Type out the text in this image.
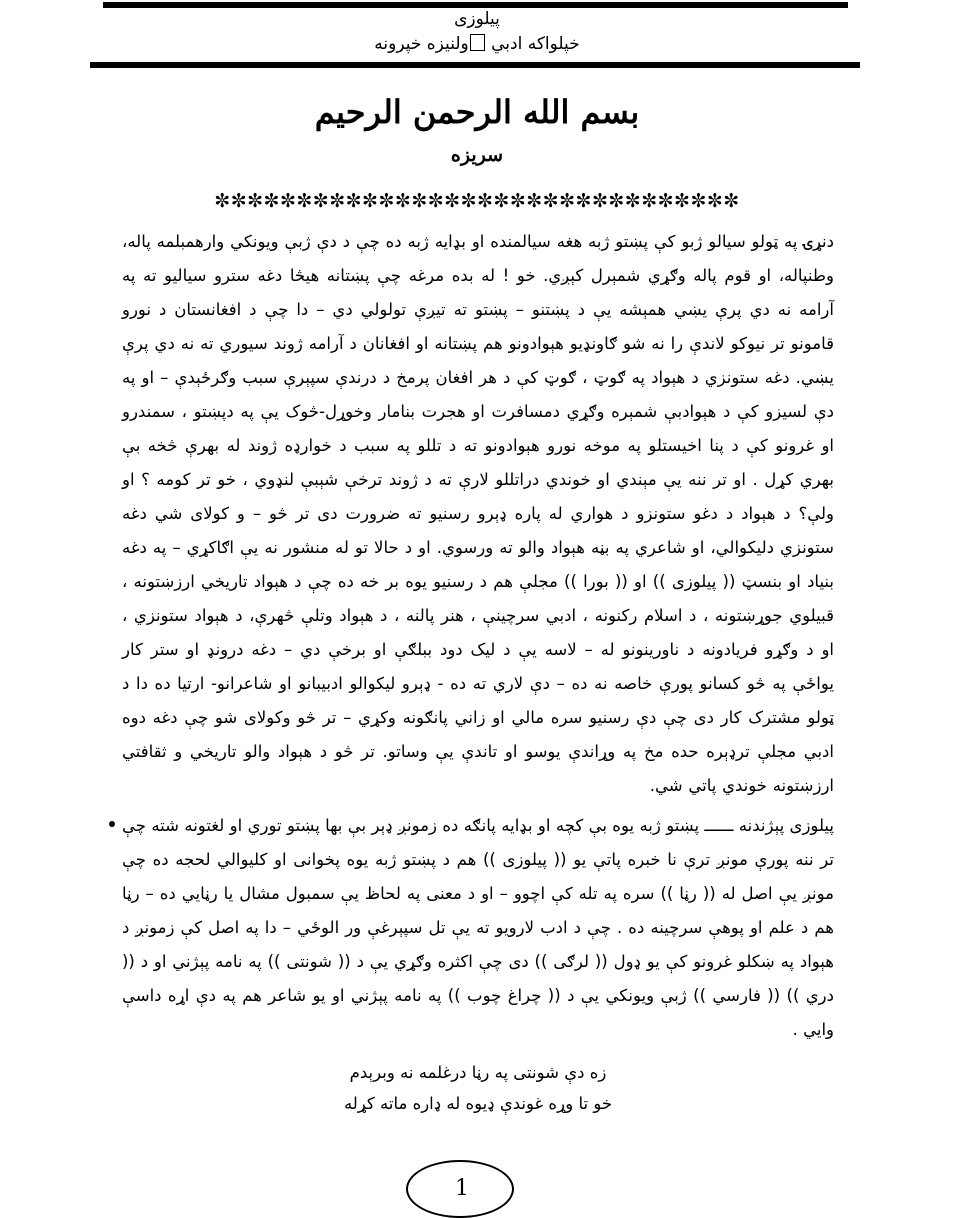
پیلوزی
خپلواکه ادبي ولنیزه خپرونه
بسم الله الرحمن الرحيم
سريزه
✼✼✼✼✼✼✼✼✼✼✼✼✼✼✼✼✼✼✼✼✼✼✼✼✼✼✼✼✼✼✼✼

دنړۍ په ټولو سيالو ژبو کې پښتو ژبه هغه سيالمنده او بډايه ژبه ده چې د دې ژبې ويونکي وارهمبلمه پاله، وطنپاله، او قوم پاله وګړي شمېرل کېږي. خو ! له بده مرغه چې پښتانه هيڅا دغه سترو سياليو ته په آرامه نه دي پرې يښي همېشه يې د پښتنو – پښتو ته تيږې تولولي دي – دا چې د افغانستان د نورو قامونو تر نيوکو لاندې را نه شو ګاونډيو هېوادونو هم پښتانه او افغانان د آرامه ژوند سيوري ته نه دي پرې يښي. دغه ستونزي د هېواد په ګوټ ، ګوټ کې د هر افغان پرمخ د درندې سپېرې سبب وګرځېدې – او په دې لسيزو کې د هېوادبې شمېره وګړي دمسافرت او هجرت بنامار وخوړل-څوک يې په دپښتو ، سمندرو او غرونو کې د پنا اخيستلو په موخه نورو هېوادونو ته د تللو په سبب د خوارډه ژوند له بهرې څخه بې بهري کړل . او تر ننه يې مېندي او خوندي دراتللو لارې ته د ژوند ترخې شېبې لنډوي ، خو تر کومه ؟ او ولې؟ د هېواد د دغو ستونزو د هواري له پاره ډېرو رسنيو ته ضرورت دی تر څو – و کولای شي دغه ستونزي دليکوالي، او شاعري په بڼه هېواد والو ته ورسوي. او د حالا تو له منشور نه يې اګاکړي – په دغه بنياد او بنسټ (( پیلوزی )) او (( بورا )) مجلې هم د رسنيو يوه بر خه ده چې د هېواد تاريخي ارزښتونه ، قبيلوي جوړښتونه ، د اسلام رکنونه ، ادبي سرچينې ، هنر پالنه ، د هېواد وتلې څهرې، د هېواد ستونزي ، او د وګړو فريادونه د ناورينونو له – لاسه يې د ليک دود ببلګې او برخې دي – دغه درونډ او ستر کار يواځې په څو کسانو پورې خاصه نه ده – دې لاري ته ده - ډېرو ليکوالو ادبيبانو او شاعرانو- ارتيا ده دا د ټولو مشترک کار دی چې دې رسنيو سره مالي او زاني پانګونه وکړي – تر څو وکولای شو چې دغه دوه ادبي مجلې ترډېره حده مخ په وړاندې يوسو او تاندې يې وساتو. تر څو د هېواد والو تاريخي و ثقافتي ارزښتونه خوندي پاتي شي.

پیلوزی پېژندنه ــــــ پښتو ژبه يوه بې کچه او بډايه پانګه ده زمونږ ډېر بې بها پښتو توري او لغتونه شته چې تر ننه پورې مونږ ترې نا خبره پاتې يو (( پیلوزی )) هم د پښتو ژبه يوه پخوانی او کليوالي لحجه ده چې مونږ يې اصل له (( رڼا )) سره په تله کې اچوو – او د معنی په لحاظ يې سمبول مشال يا رڼايي ده – رڼا هم د علم او پوهې سرچينه ده . چې د ادب لارويو ته يې تل سپېرغې ور الوځي – دا په اصل کې زمونږ د هېواد په ښکلو غرونو کې يو ډول (( لرګی )) دی چې اکثره وګړي يې د (( شونتی )) په نامه پېژني او د (( دري )) (( فارسي )) ژبې ويونکي يې د (( چراغ چوب )) په نامه پېژني او يو شاعر هم په دې اړه داسې وايي .

زه دې شونتی په رڼا درغلمه نه وبرېدم
خو تا وړه غوندې ډيوه له ډاره ماته کړله
1
